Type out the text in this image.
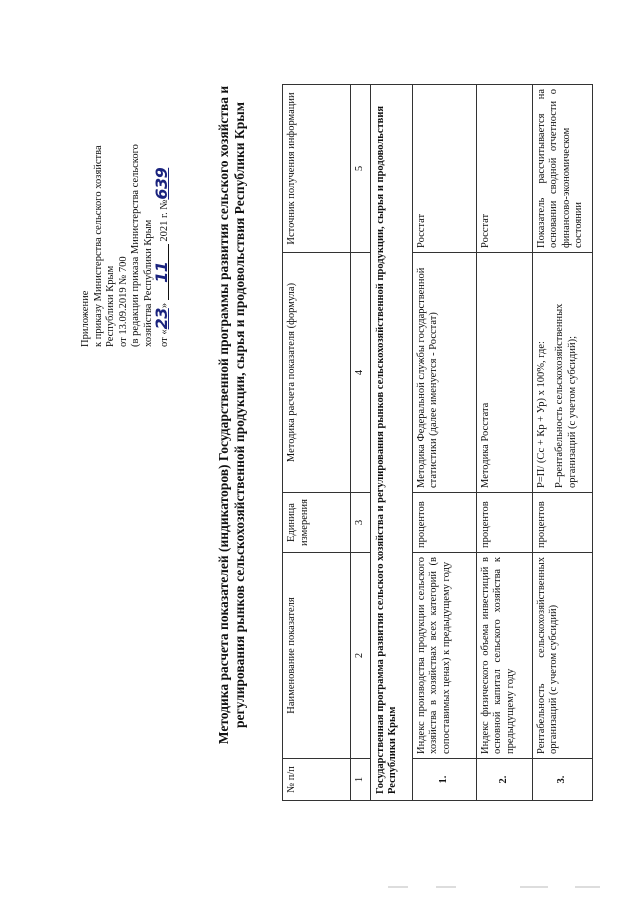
Приложение к приказу Министерства сельского хозяйства Республики Крым от 13.09.2019 № 700 (в редакции приказа Министерства сельского хозяйства Республики Крым от «23» 11 2021 г. №639	Методика расчета показателей (индикаторов) Государственной программы развития сельского хозяйства и регулирования рынков сельскохозяйственной продукции, сырья и продовольствия Республики Крым
№ п/п	Наименование показателя	Единица измерения	Методика расчета показателя (формула)	Источник получения информации
1	2	3	4	5
Государственная программа развития сельского хозяйства и регулирования рынков сельскохозяйственной продукции, сырья и продовольствия Республики Крым				
1.	Индекс производства продукции сельского хозяйства в хозяйствах всех категорий (в сопоставимых ценах) к предыдущему году	процентов	Методика Федеральной службы государственной статистики (далее именуется - Росстат)	Росстат
2.	Индекс физического объема инвестиций в основной капитал сельского хозяйства к предыдущему году	процентов	Методика Росстата	Росстат
3.	Рентабельность сельскохозяйственных организаций (с учетом субсидий)	процентов	Р=П/ (Сс + Кр + Ур) х 100%, где: Р–рентабельность сельскохозяйственных организаций (с учетом субсидий);	Показатель рассчитывается на основании сводной отчетности о финансово-экономическом состоянии
